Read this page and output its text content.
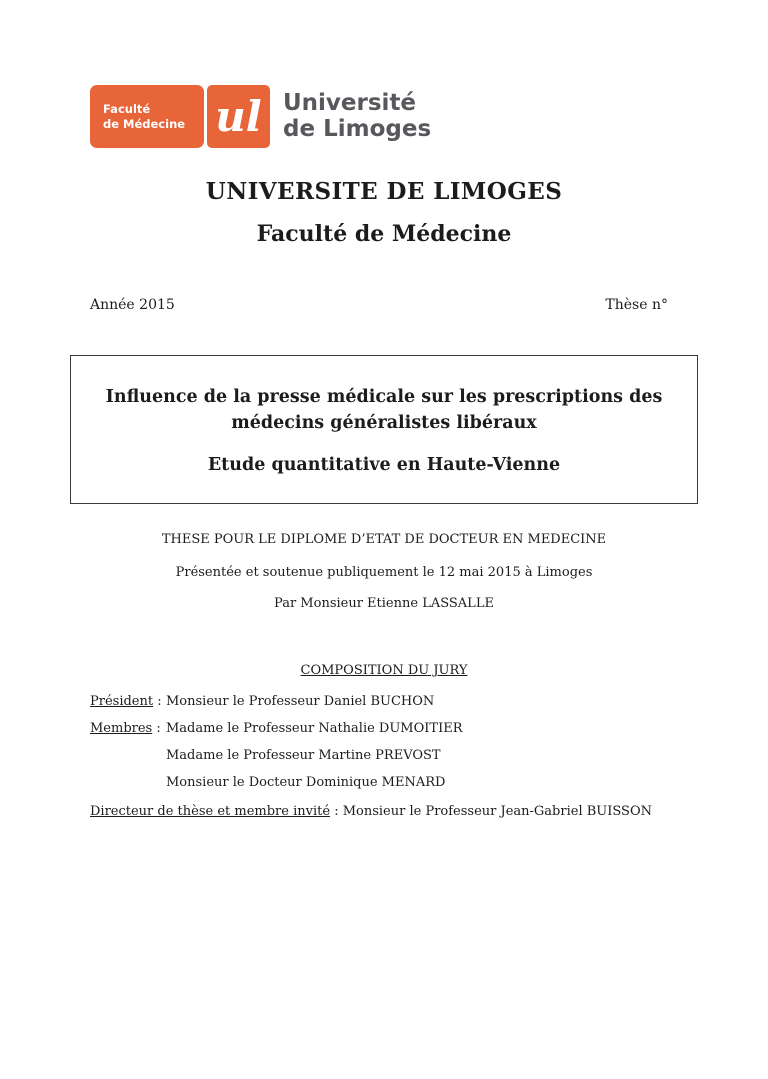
Faculté
de Médecine ul Université
de Limoges
UNIVERSITE DE LIMOGES
Faculté de Médecine
Année 2015	Thèse n°

Influence de la presse médicale sur les prescriptions des médecins généralistes libéraux

Etude quantitative en Haute-Vienne

THESE POUR LE DIPLOME D’ETAT DE DOCTEUR EN MEDECINE

Présentée et soutenue publiquement le 12 mai 2015 à Limoges

Par Monsieur Etienne LASSALLE

COMPOSITION DU JURY
Président : Monsieur le Professeur Daniel BUCHON
Membres : Madame le Professeur Nathalie DUMOITIER
Madame le Professeur Martine PREVOST
Monsieur le Docteur Dominique MENARD
Directeur de thèse et membre invité : Monsieur le Professeur Jean-Gabriel BUISSON
